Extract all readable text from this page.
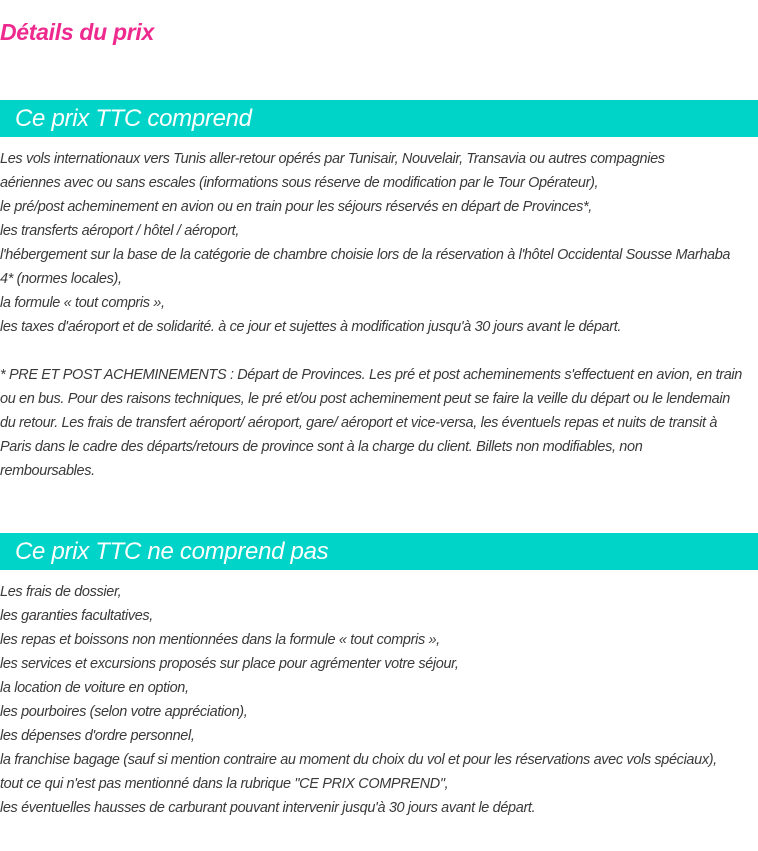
Détails du prix
Ce prix TTC comprend
Les vols internationaux vers Tunis aller-retour opérés par Tunisair, Nouvelair, Transavia ou autres compagnies
aériennes avec ou sans escales (informations sous réserve de modification par le Tour Opérateur),
le pré/post acheminement en avion ou en train pour les séjours réservés en départ de Provinces*,
les transferts aéroport / hôtel / aéroport,
l'hébergement sur la base de la catégorie de chambre choisie lors de la réservation à l'hôtel Occidental Sousse Marhaba
4* (normes locales),
la formule « tout compris »,
les taxes d'aéroport et de solidarité. à ce jour et sujettes à modification jusqu'à 30 jours avant le départ.
* PRE ET POST ACHEMINEMENTS : Départ de Provinces. Les pré et post acheminements s'effectuent en avion, en train
ou en bus. Pour des raisons techniques, le pré et/ou post acheminement peut se faire la veille du départ ou le lendemain
du retour. Les frais de transfert aéroport/ aéroport, gare/ aéroport et vice-versa, les éventuels repas et nuits de transit à
Paris dans le cadre des départs/retours de province sont à la charge du client. Billets non modifiables, non
remboursables.
Ce prix TTC ne comprend pas
Les frais de dossier,
les garanties facultatives,
les repas et boissons non mentionnées dans la formule « tout compris »,
les services et excursions proposés sur place pour agrémenter votre séjour,
la location de voiture en option,
les pourboires (selon votre appréciation),
les dépenses d'ordre personnel,
la franchise bagage (sauf si mention contraire au moment du choix du vol et pour les réservations avec vols spéciaux),
tout ce qui n'est pas mentionné dans la rubrique "CE PRIX COMPREND",
les éventuelles hausses de carburant pouvant intervenir jusqu'à 30 jours avant le départ.
